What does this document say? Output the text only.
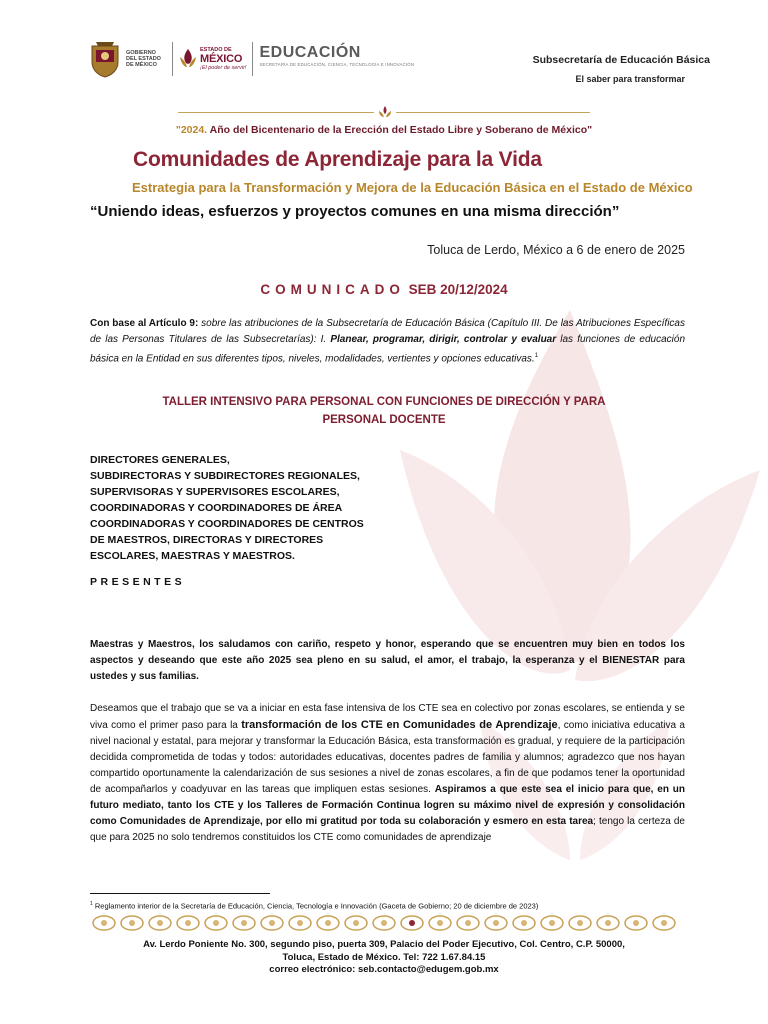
GOBIERNO DEL ESTADO DE MÉXICO
ESTADO DE
MÉXICO
¡El poder de servir!
EDUCACIÓN
SECRETARÍA DE EDUCACIÓN, CIENCIA, TECNOLOGÍA E INNOVACIÓN	Subsecretaría de Educación Básica
El saber para transformar
"2024. Año del Bicentenario de la Erección del Estado Libre y Soberano de México"
Comunidades de Aprendizaje para la Vida
Estrategia para la Transformación y Mejora de la Educación Básica en el Estado de México
“Uniendo ideas, esfuerzos y proyectos comunes en una misma dirección”
Toluca de Lerdo, México a 6 de enero de 2025
COMUNICADO SEB 20/12/2024
Con base al Artículo 9: sobre las atribuciones de la Subsecretaría de Educación Básica (Capítulo III. De las Atribuciones Específicas de las Personas Titulares de las Subsecretarías): I. Planear, programar, dirigir, controlar y evaluar las funciones de educación básica en la Entidad en sus diferentes tipos, niveles, modalidades, vertientes y opciones educativas.$^1$
TALLER INTENSIVO PARA PERSONAL CON FUNCIONES DE DIRECCIÓN Y PARA
PERSONAL DOCENTE
DIRECTORES GENERALES,
SUBDIRECTORAS Y SUBDIRECTORES REGIONALES,
SUPERVISORAS Y SUPERVISORES ESCOLARES,
COORDINADORAS Y COORDINADORES DE ÁREA
COORDINADORAS Y COORDINADORES DE CENTROS
DE MAESTROS, DIRECTORAS Y DIRECTORES
ESCOLARES, MAESTRAS Y MAESTROS.
PRESENTES
Maestras y Maestros, los saludamos con cariño, respeto y honor, esperando que se encuentren muy bien en todos los aspectos y deseando que este año 2025 sea pleno en su salud, el amor, el trabajo, la esperanza y el BIENESTAR para ustedes y sus familias.
Deseamos que el trabajo que se va a iniciar en esta fase intensiva de los CTE sea en colectivo por zonas escolares, se entienda y se viva como el primer paso para la transformación de los CTE en Comunidades de Aprendizaje, como iniciativa educativa a nivel nacional y estatal, para mejorar y transformar la Educación Básica, esta transformación es gradual, y requiere de la participación decidida comprometida de todas y todos: autoridades educativas, docentes padres de familia y alumnos; agradezco que nos hayan compartido oportunamente la calendarización de sus sesiones a nivel de zonas escolares, a fin de que podamos tener la oportunidad de acompañarlos y coadyuvar en las tareas que impliquen estas sesiones. Aspiramos a que este sea el inicio para que, en un futuro mediato, tanto los CTE y los Talleres de Formación Continua logren su máximo nivel de expresión y consolidación como Comunidades de Aprendizaje, por ello mi gratitud por toda su colaboración y esmero en esta tarea; tengo la certeza de que para 2025 no solo tendremos constituidos los CTE como comunidades de aprendizaje
$^1$ Reglamento interior de la Secretaría de Educación, Ciencia, Tecnología e Innovación (Gaceta de Gobierno; 20 de diciembre de 2023)
Av. Lerdo Poniente No. 300, segundo piso, puerta 309, Palacio del Poder Ejecutivo, Col. Centro, C.P. 50000,
Toluca, Estado de México. Tel: 722 1.67.84.15
correo electrónico: seb.contacto@edugem.gob.mx
